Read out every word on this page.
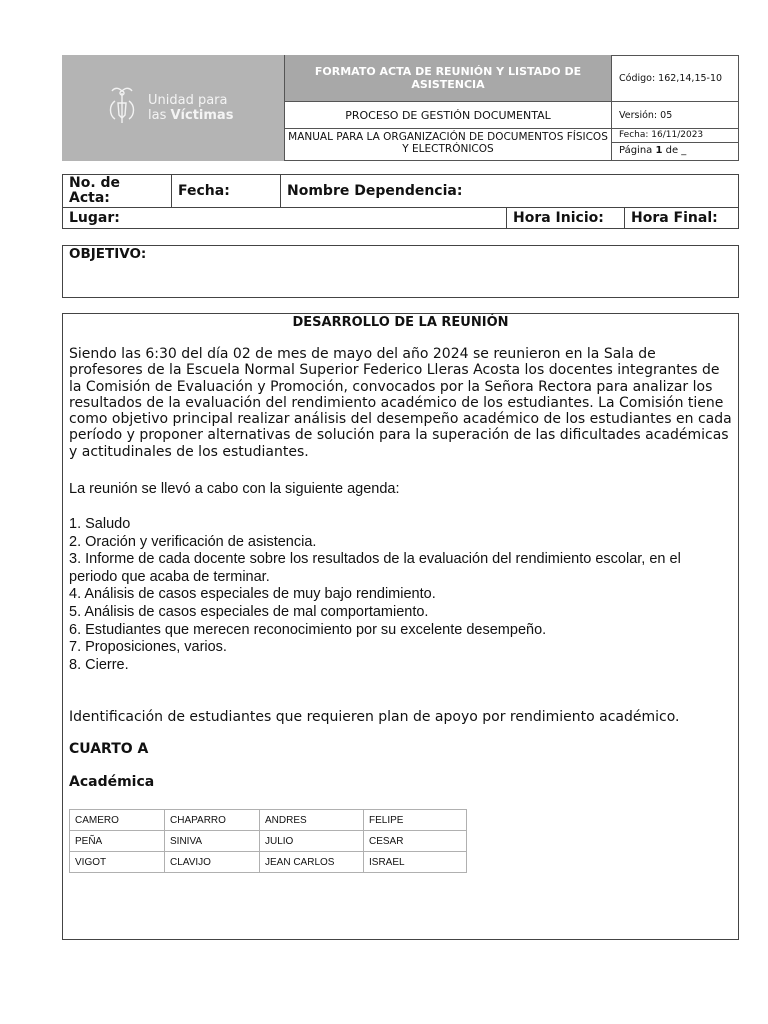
Unidad para
las Víctimas
FORMATO ACTA DE REUNIÓN Y LISTADO DE ASISTENCIA
PROCESO DE GESTIÓN DOCUMENTAL
MANUAL PARA LA ORGANIZACIÓN DE DOCUMENTOS FÍSICOS Y ELECTRÓNICOS
Código: 162,14,15-10
Versión: 05
Fecha: 16/11/2023
Página 1 de _
No. de
Acta:	Fecha:	Nombre Dependencia:
Lugar:	Hora Inicio:	Hora Final:
OBJETIVO:
DESARROLLO DE LA REUNIÓN
Siendo las 6:30 del día 02 de mes de mayo del año 2024 se reunieron en la Sala de profesores de la Escuela Normal Superior Federico Lleras Acosta los docentes integrantes de la Comisión de Evaluación y Promoción, convocados por la Señora Rectora para analizar los resultados de la evaluación del rendimiento académico de los estudiantes. La Comisión tiene como objetivo principal realizar análisis del desempeño académico de los estudiantes en cada período y proponer alternativas de solución para la superación de las dificultades académicas y actitudinales de los estudiantes.
La reunión se llevó a cabo con la siguiente agenda:
1. Saludo
2. Oración y verificación de asistencia.
3. Informe de cada docente sobre los resultados de la evaluación del rendimiento escolar, en el periodo que acaba de terminar.
4. Análisis de casos especiales de muy bajo rendimiento.
5. Análisis de casos especiales de mal comportamiento.
6. Estudiantes que merecen reconocimiento por su excelente desempeño.
7. Proposiciones, varios.
8. Cierre.
Identificación de estudiantes que requieren plan de apoyo por rendimiento académico.
CUARTO A
Académica
CAMERO	CHAPARRO	ANDRES	FELIPE
PEÑA	SINIVA	JULIO	CESAR
VIGOT	CLAVIJO	JEAN CARLOS	ISRAEL
